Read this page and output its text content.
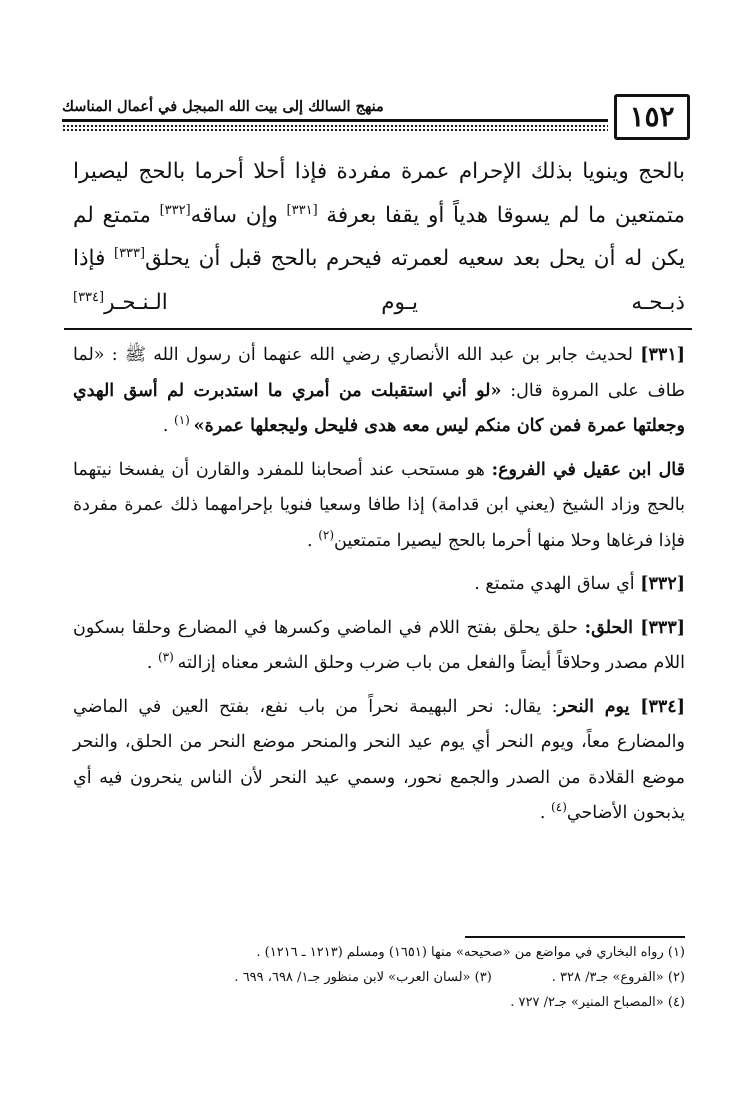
١٥٢
منهج السالك إلى بيت الله المبجل في أعمال المناسك
بالحج وينويا بذلك الإحرام عمرة مفردة فإذا أحلا أحرما بالحج ليصيرا
متمتعين ما لم يسوقا هدياً أو يقفا بعرفة [٣٣١] وإن ساقه[٣٣٢] متمتع لم
يكن له أن يحل بعد سعيه لعمرته فيحرم بالحج قبل أن يحلق[٣٣٣] فإذا
ذبـحـه يـوم الـنـحـر[٣٣٤]

[٣٣١] لحديث جابر بن عبد الله الأنصاري رضي الله عنهما أن رسول الله ﷺ : «لما طاف على المروة قال: «لو أني استقبلت من أمري ما استدبرت لم أسق الهدي وجعلتها عمرة فمن كان منكم ليس معه هدى فليحل وليجعلها عمرة» $^{(١)}$ .

قال ابن عقيل في الفروع: هو مستحب عند أصحابنا للمفرد والقارن أن يفسخا نيتهما بالحج وزاد الشيخ (يعني ابن قدامة) إذا طافا وسعيا فنويا بإحرامهما ذلك عمرة مفردة فإذا فرغاها وحلا منها أحرما بالحج ليصيرا متمتعين$^{(٢)}$ .

[٣٣٢] أي ساق الهدي متمتع .

[٣٣٣] الحلق: حلق يحلق بفتح اللام في الماضي وكسرها في المضارع وحلقا بسكون اللام مصدر وحلاقاً أيضاً والفعل من باب ضرب وحلق الشعر معناه إزالته $^{(٣)}$ .

[٣٣٤] يوم النحر: يقال: نحر البهيمة نحراً من باب نفع، بفتح العين في الماضي والمضارع معاً، ويوم النحر أي يوم عيد النحر والمنحر موضع النحر من الحلق، والنحر موضع القلادة من الصدر والجمع نحور، وسمي عيد النحر لأن الناس ينحرون فيه أي يذبحون الأضاحي$^{(٤)}$ .

(١) رواه البخاري في مواضع من «صحيحه» منها (١٦٥١) ومسلم (١٢١٣ ـ ١٢١٦) .
(٢) «الفروع» جـ٣/ ٣٢٨ .
(٣) «لسان العرب» لابن منظور جـ١/ ٦٩٨، ٦٩٩ .
(٤) «المصباح المنير» جـ٢/ ٧٢٧ .
